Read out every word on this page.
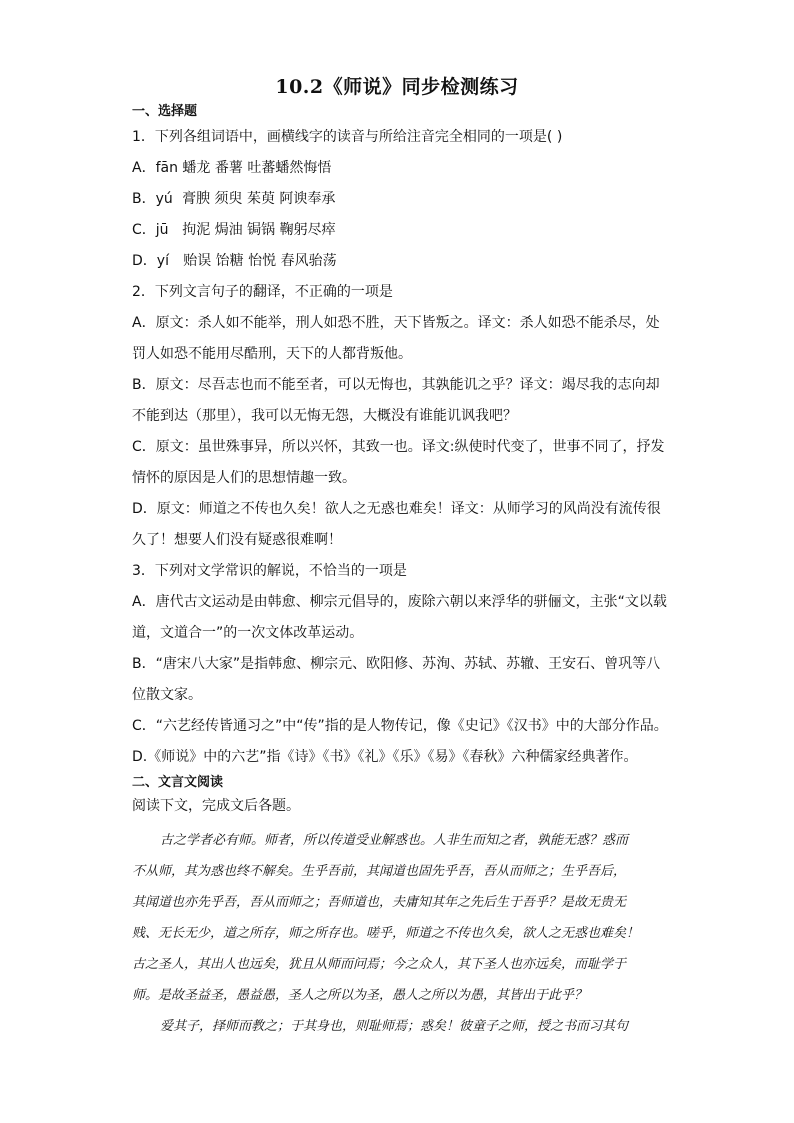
10.2《师说》同步检测练习
一、选择题
1．下列各组词语中，画横线字的读音与所给注音完全相同的一项是( )
A．fān 蟠龙 番薯 吐蕃蟠然悔悟
B．yú 膏腴 须臾 茱萸 阿谀奉承
C．jū 拘泥 焗油 锔锅 鞠躬尽瘁
D．yí 贻误 饴糖 怡悦 春风骀荡
2．下列文言句子的翻译，不正确的一项是
A．原文：杀人如不能举，刑人如恐不胜，天下皆叛之。译文：杀人如恐不能杀尽，处
罚人如恐不能用尽酷刑，天下的人都背叛他。
B．原文：尽吾志也而不能至者，可以无悔也，其孰能讥之乎？译文：竭尽我的志向却
不能到达（那里），我可以无悔无怨，大概没有谁能讥讽我吧？
C．原文：虽世殊事异，所以兴怀，其致一也。译文:纵使时代变了，世事不同了，抒发
情怀的原因是人们的思想情趣一致。
D．原文：师道之不传也久矣！欲人之无惑也难矣！译文：从师学习的风尚没有流传很
久了！想要人们没有疑惑很难啊！
3．下列对文学常识的解说，不恰当的一项是
A．唐代古文运动是由韩愈、柳宗元倡导的，废除六朝以来浮华的骈俪文，主张“文以载
道，文道合一”的一次文体改革运动。
B．“唐宋八大家”是指韩愈、柳宗元、欧阳修、苏洵、苏轼、苏辙、王安石、曾巩等八
位散文家。
C．“六艺经传皆通习之”中“传”指的是人物传记，像《史记》《汉书》中的大部分作品。
D.《师说》中的六艺”指《诗》《书》《礼》《乐》《易》《春秋》六种儒家经典著作。
二、文言文阅读
阅读下文，完成文后各题。
古之学者必有师。师者，所以传道受业解惑也。人非生而知之者，孰能无惑？惑而
不从师，其为惑也终不解矣。生乎吾前，其闻道也固先乎吾，吾从而师之；生乎吾后，
其闻道也亦先乎吾，吾从而师之；吾师道也，夫庸知其年之先后生于吾乎？是故无贵无
贱、无长无少，道之所存，师之所存也。嗟乎，师道之不传也久矣，欲人之无惑也难矣！
古之圣人，其出人也远矣，犹且从师而问焉；今之众人，其下圣人也亦远矣，而耻学于
师。是故圣益圣，愚益愚，圣人之所以为圣，愚人之所以为愚，其皆出于此乎？
爱其子，择师而教之；于其身也，则耻师焉；惑矣！彼童子之师，授之书而习其句
